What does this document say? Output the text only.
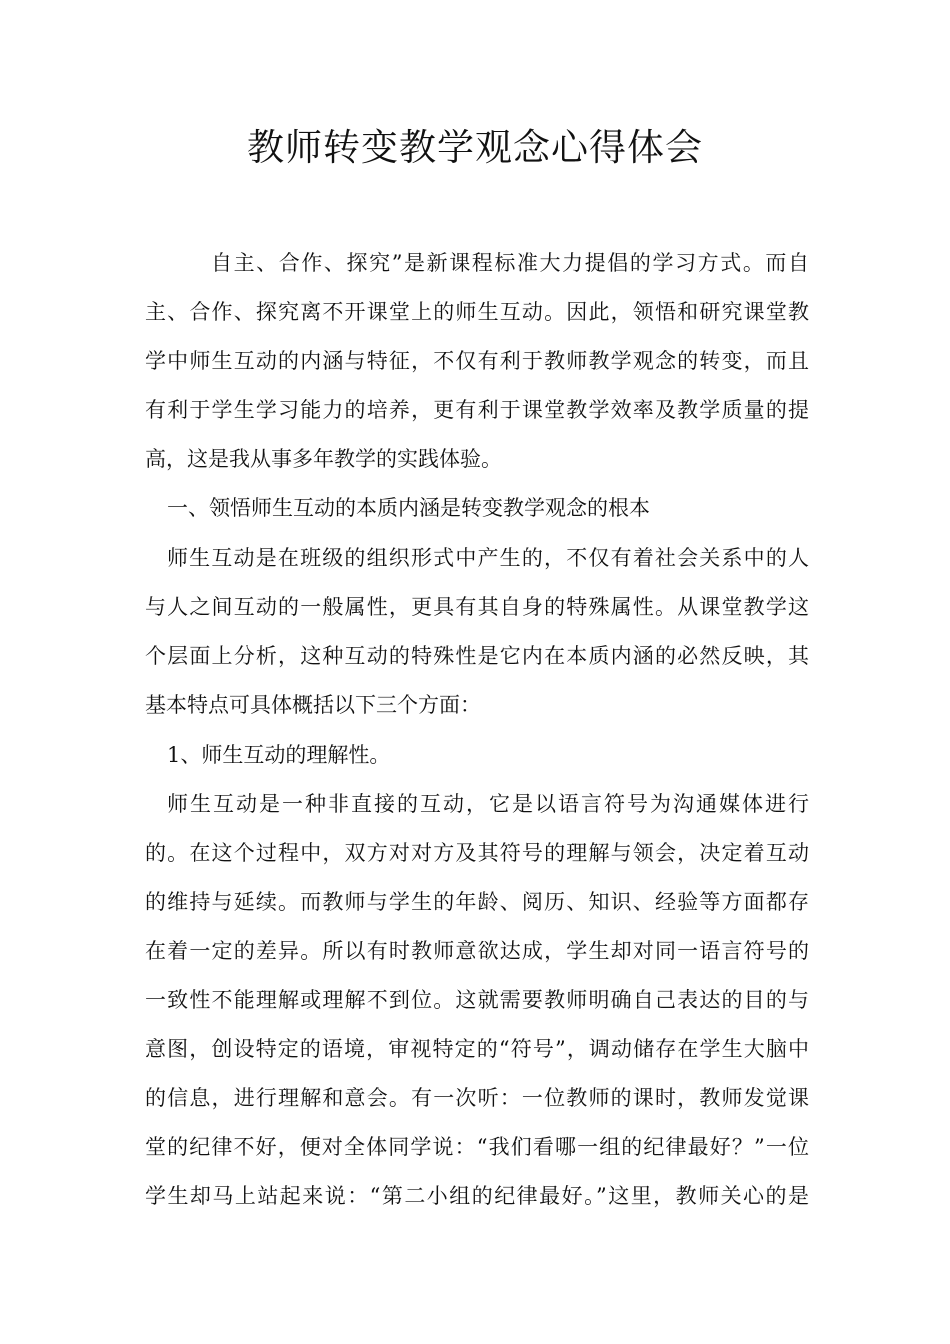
教师转变教学观念心得体会
自主、合作、探究”是新课程标准大力提倡的学习方式。而自
主、合作、探究离不开课堂上的师生互动。因此，领悟和研究课堂教
学中师生互动的内涵与特征，不仅有利于教师教学观念的转变，而且
有利于学生学习能力的培养，更有利于课堂教学效率及教学质量的提
高，这是我从事多年教学的实践体验。
一、领悟师生互动的本质内涵是转变教学观念的根本
师生互动是在班级的组织形式中产生的，不仅有着社会关系中的人
与人之间互动的一般属性，更具有其自身的特殊属性。从课堂教学这
个层面上分析，这种互动的特殊性是它内在本质内涵的必然反映，其
基本特点可具体概括以下三个方面：
1、师生互动的理解性。
师生互动是一种非直接的互动，它是以语言符号为沟通媒体进行
的。在这个过程中，双方对对方及其符号的理解与领会，决定着互动
的维持与延续。而教师与学生的年龄、阅历、知识、经验等方面都存
在着一定的差异。所以有时教师意欲达成，学生却对同一语言符号的
一致性不能理解或理解不到位。这就需要教师明确自己表达的目的与
意图，创设特定的语境，审视特定的“符号”，调动储存在学生大脑中
的信息，进行理解和意会。有一次听：一位教师的课时，教师发觉课
堂的纪律不好，便对全体同学说：“我们看哪一组的纪律最好？”一位
学生却马上站起来说：“第二小组的纪律最好。”这里，教师关心的是
